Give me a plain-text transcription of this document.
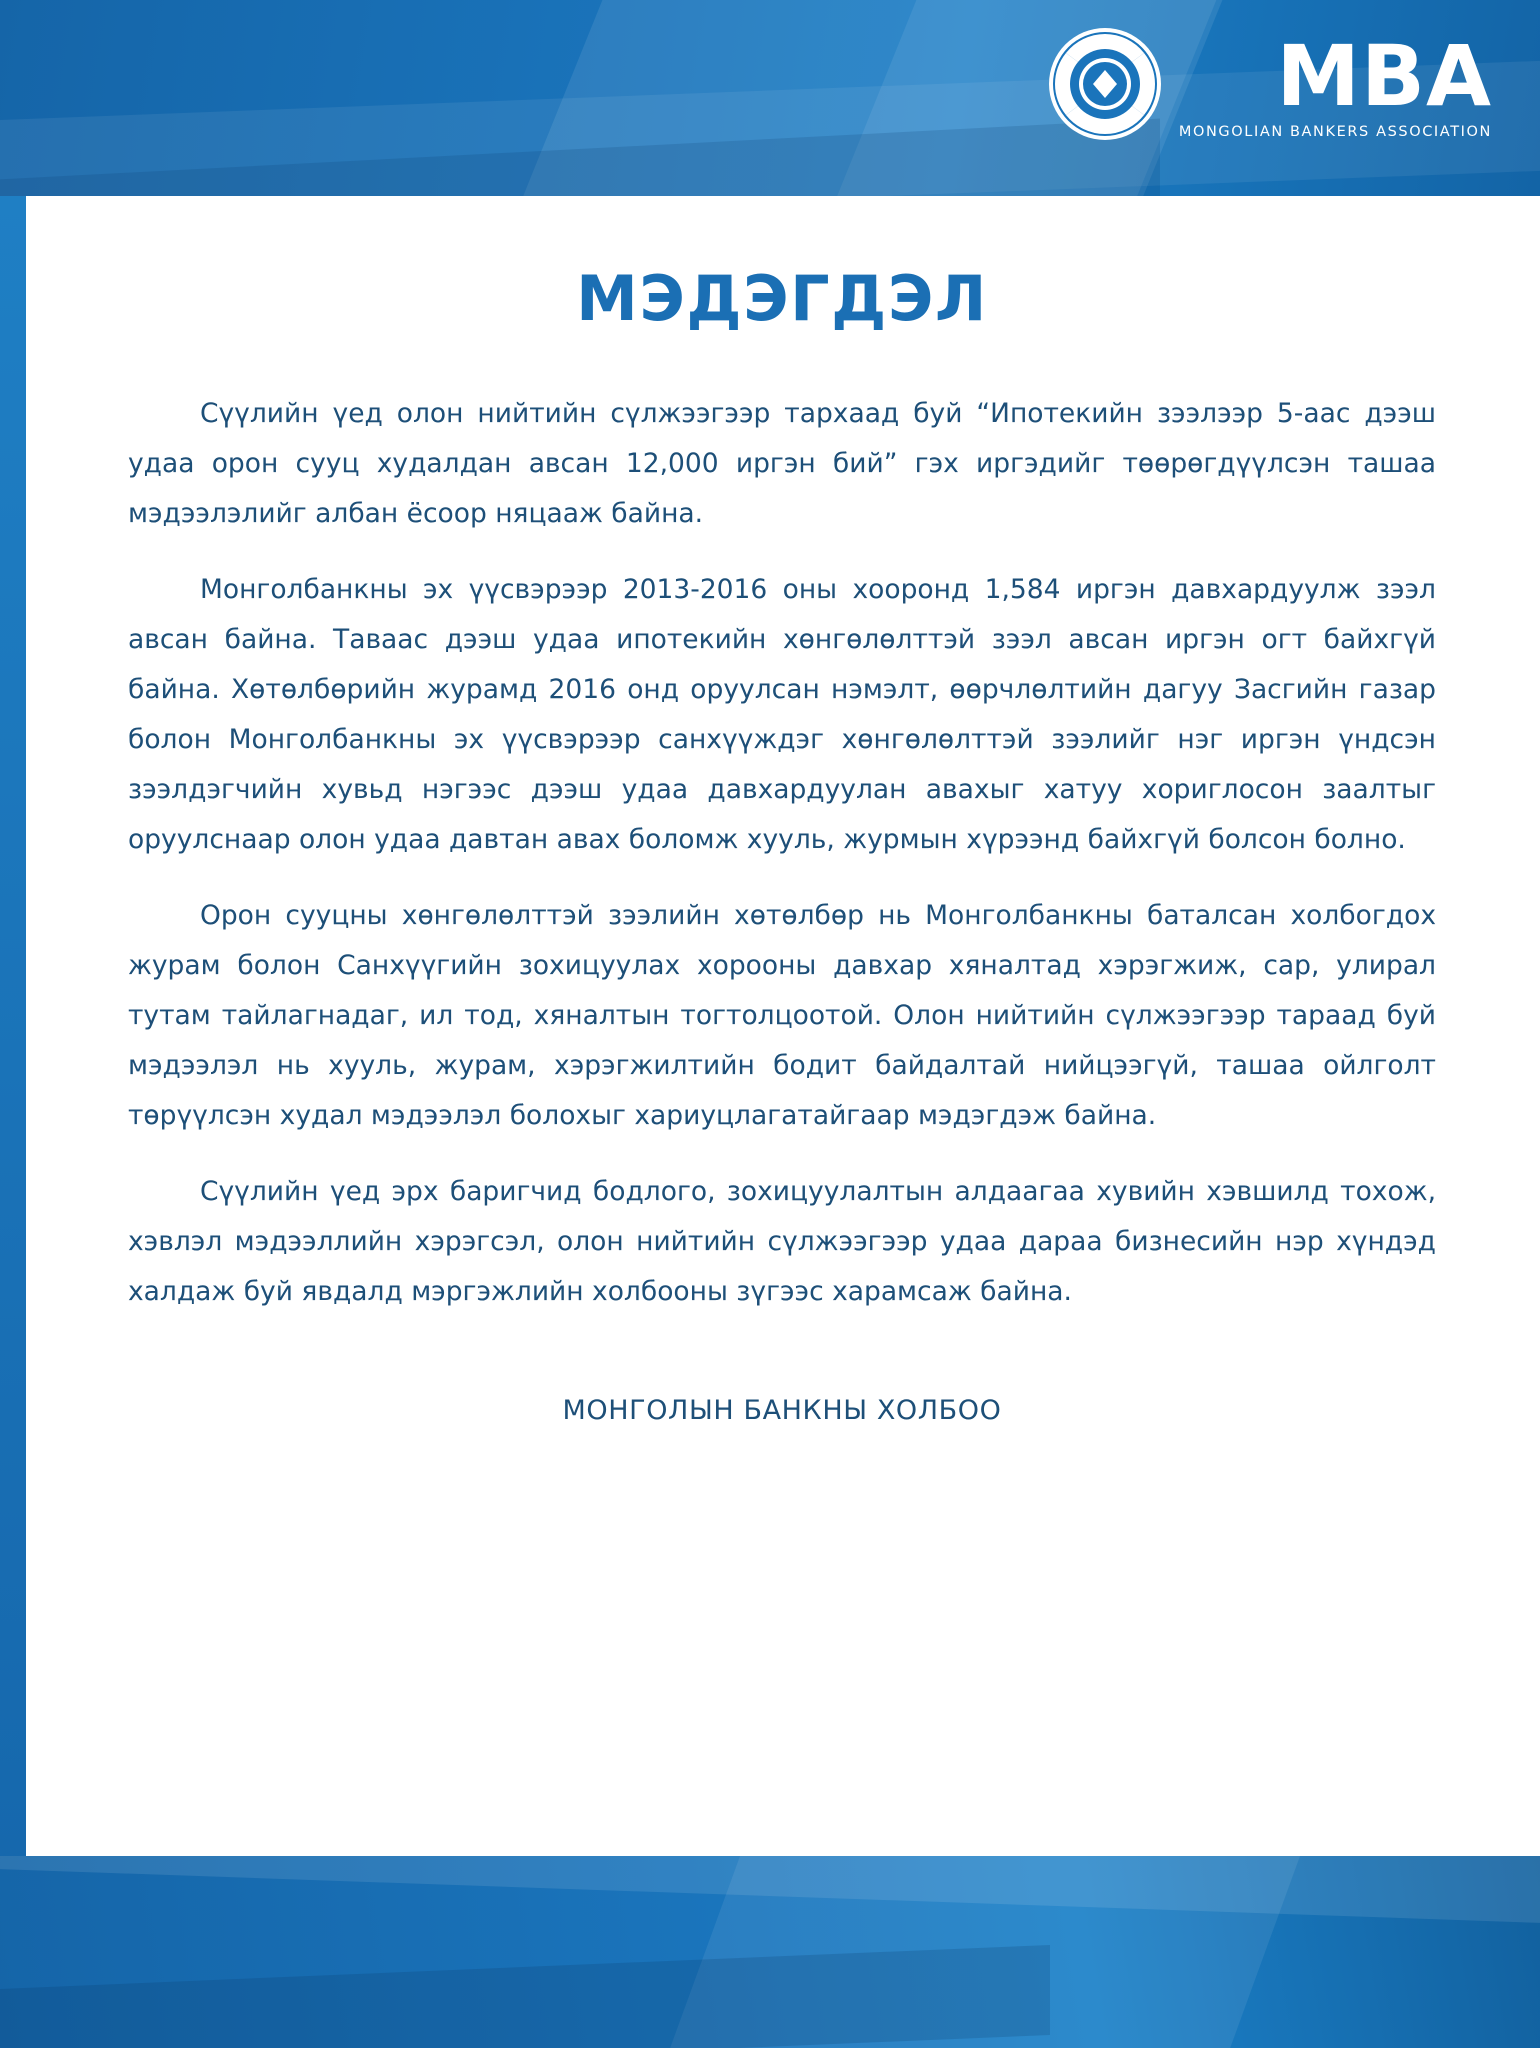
MBA
MONGOLIAN BANKERS ASSOCIATION
МЭДЭГДЭЛ

Сүүлийн үед олон нийтийн сүлжээгээр тархаад буй “Ипотекийн зээлээр 5-аас дээш удаа орон сууц худалдан авсан 12,000 иргэн бий” гэх иргэдийг төөрөгдүүлсэн ташаа мэдээлэлийг албан ёсоор няцааж байна.

Монголбанкны эх үүсвэрээр 2013-2016 оны хооронд 1,584 иргэн давхардуулж зээл авсан байна. Таваас дээш удаа ипотекийн хөнгөлөлттэй зээл авсан иргэн огт байхгүй байна. Хөтөлбөрийн журамд 2016 онд оруулсан нэмэлт, өөрчлөлтийн дагуу Засгийн газар болон Монголбанкны эх үүсвэрээр санхүүждэг хөнгөлөлттэй зээлийг нэг иргэн үндсэн зээлдэгчийн хувьд нэгээс дээш удаа давхардуулан авахыг хатуу хориглосон заалтыг оруулснаар олон удаа давтан авах боломж хууль, журмын хүрээнд байхгүй болсон болно.

Орон сууцны хөнгөлөлттэй зээлийн хөтөлбөр нь Монголбанкны баталсан холбогдох журам болон Санхүүгийн зохицуулах хорооны давхар хяналтад хэрэгжиж, сар, улирал тутам тайлагнадаг, ил тод, хяналтын тогтолцоотой. Олон нийтийн сүлжээгээр тараад буй мэдээлэл нь хууль, журам, хэрэгжилтийн бодит байдалтай нийцээгүй, ташаа ойлголт төрүүлсэн худал мэдээлэл болохыг хариуцлагатайгаар мэдэгдэж байна.

Сүүлийн үед эрх баригчид бодлого, зохицуулалтын алдаагаа хувийн хэвшилд тохож, хэвлэл мэдээллийн хэрэгсэл, олон нийтийн сүлжээгээр удаа дараа бизнесийн нэр хүндэд халдаж буй явдалд мэргэжлийн холбооны зүгээс харамсаж байна.

МОНГОЛЫН БАНКНЫ ХОЛБОО
